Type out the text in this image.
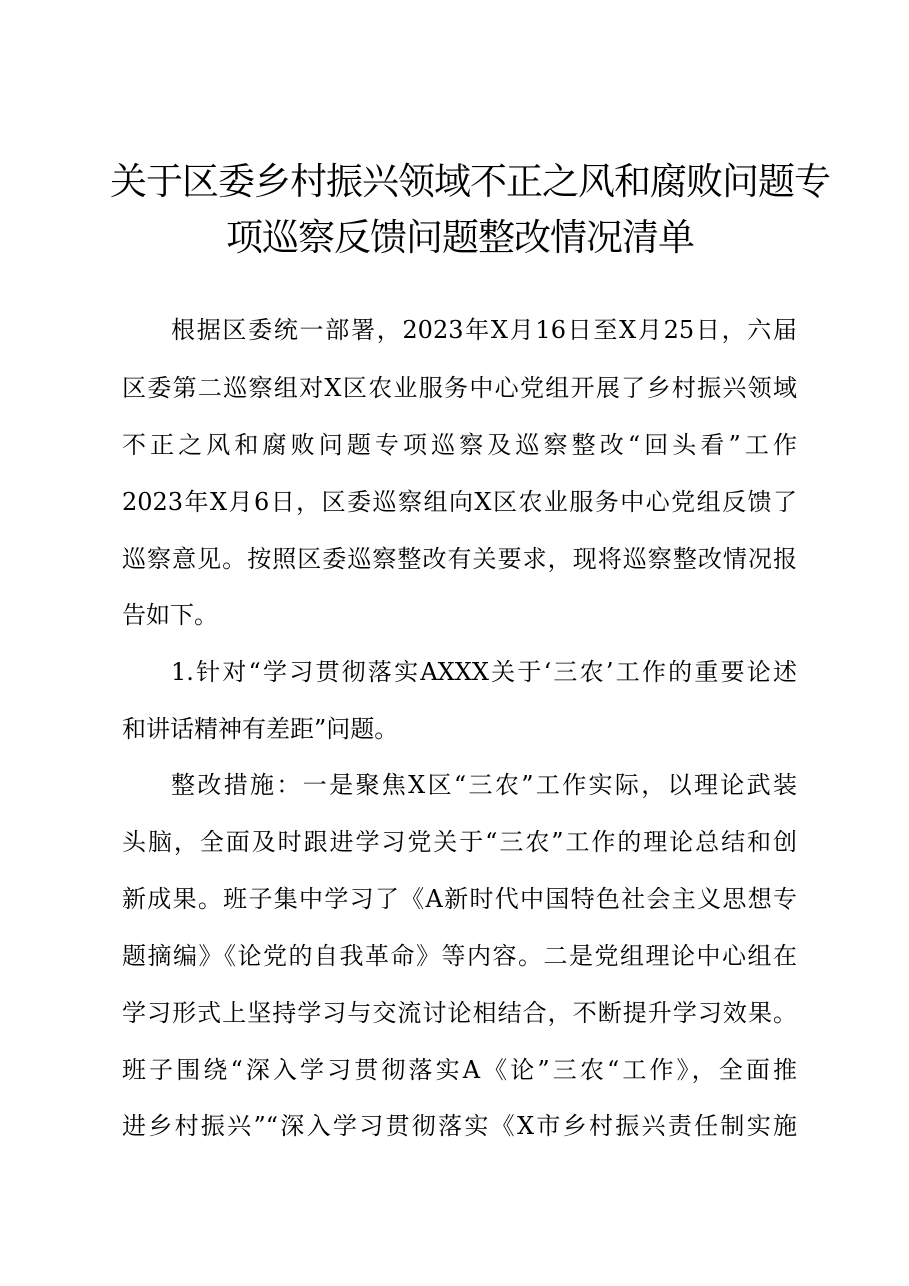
关于区委乡村振兴领域不正之风和腐败问题专
项巡察反馈问题整改情况清单
根据区委统一部署，2023年X月16日至X月25日，六届
区委第二巡察组对X区农业服务中心党组开展了乡村振兴领域
不正之风和腐败问题专项巡察及巡察整改“回头看”工作
2023年X月6日，区委巡察组向X区农业服务中心党组反馈了
巡察意见。按照区委巡察整改有关要求，现将巡察整改情况报
告如下。
1.针对“学习贯彻落实AXXX关于‘三农’工作的重要论述
和讲话精神有差距”问题。
整改措施：一是聚焦X区“三农”工作实际，以理论武装
头脑，全面及时跟进学习党关于“三农”工作的理论总结和创
新成果。班子集中学习了《A新时代中国特色社会主义思想专
题摘编》《论党的自我革命》等内容。二是党组理论中心组在
学习形式上坚持学习与交流讨论相结合，不断提升学习效果。
班子围绕“深入学习贯彻落实A《论”三农“工作》，全面推
进乡村振兴”“深入学习贯彻落实《X市乡村振兴责任制实施
